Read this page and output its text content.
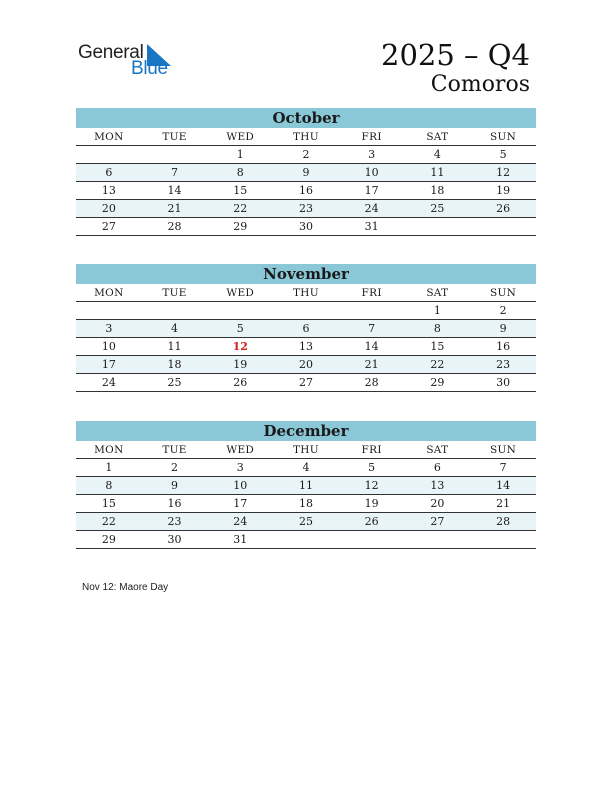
General
Blue	2025 – Q4
Comoros
October
MON	TUE	WED	THU	FRI	SAT	SUN
		1	2	3	4	5
6	7	8	9	10	11	12
13	14	15	16	17	18	19
20	21	22	23	24	25	26
27	28	29	30	31		
November
MON	TUE	WED	THU	FRI	SAT	SUN
					1	2
3	4	5	6	7	8	9
10	11	12	13	14	15	16
17	18	19	20	21	22	23
24	25	26	27	28	29	30
December
MON	TUE	WED	THU	FRI	SAT	SUN
1	2	3	4	5	6	7
8	9	10	11	12	13	14
15	16	17	18	19	20	21
22	23	24	25	26	27	28
29	30	31				
Nov 12: Maore Day
